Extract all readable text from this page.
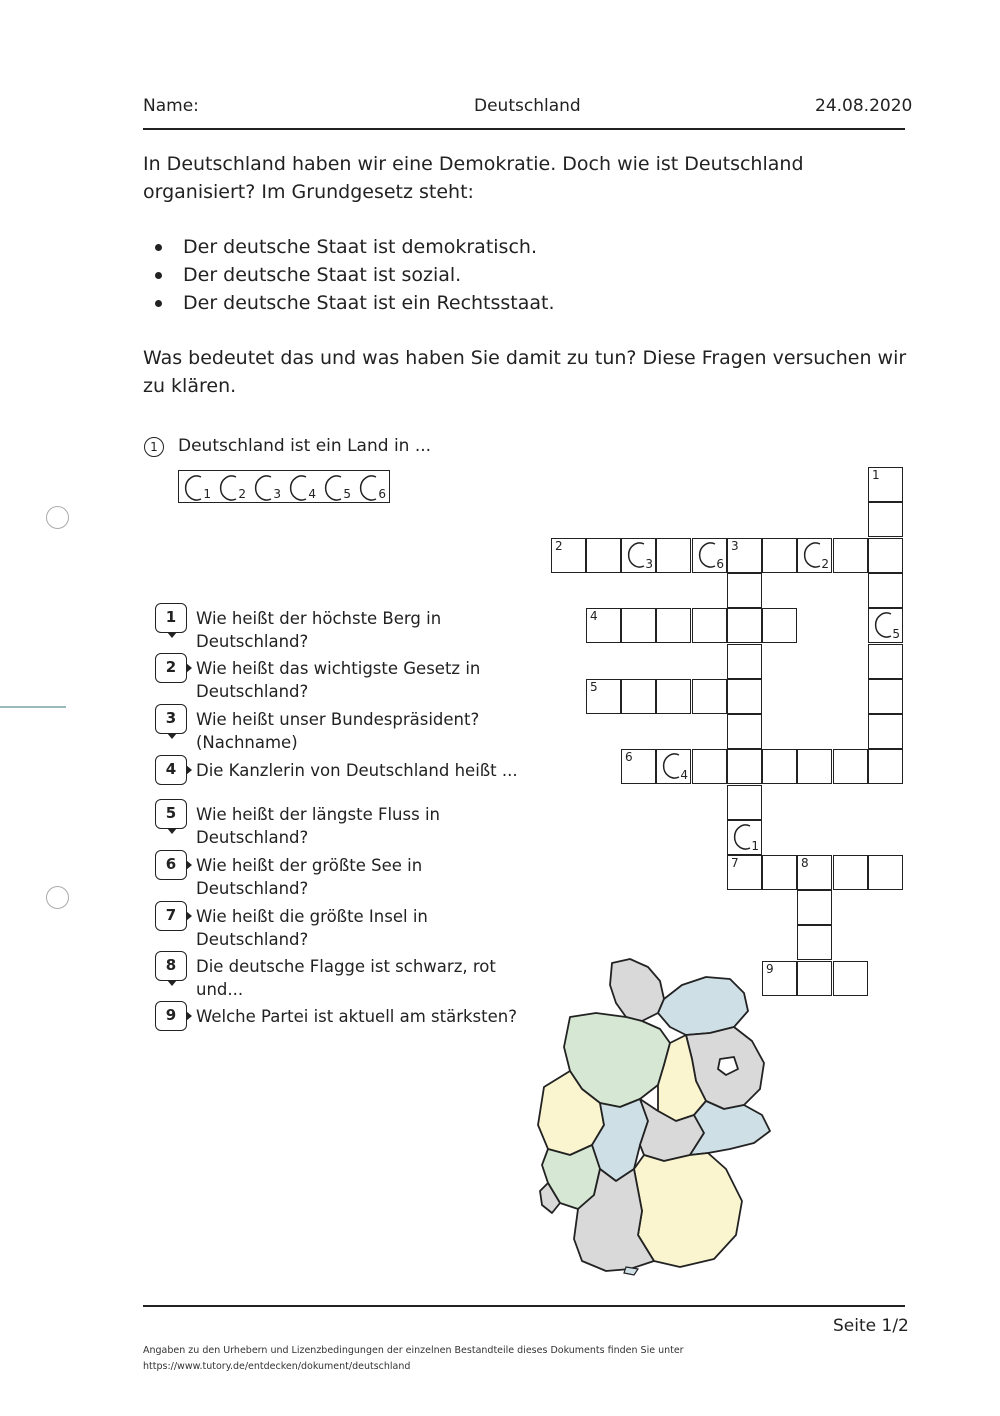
Name:	Deutschland	24.08.2020
In Deutschland haben wir eine Demokratie. Doch wie ist Deutschland organisiert? Im Grundgesetz steht:
Der deutsche Staat ist demokratisch.
Der deutsche Staat ist sozial.
Der deutsche Staat ist ein Rechtsstaat.
Was bedeutet das und was haben Sie damit zu tun? Diese Fragen versuchen wir zu klären.
1	Deutschland ist ein Land in ...
1 2 3 4 5 6
1	Wie heißt der höchste Berg in Deutschland?
2	Wie heißt das wichtigste Gesetz in Deutschland?
3	Wie heißt unser Bundespräsident? (Nachname)
4	Die Kanzlerin von Deutschland heißt ...
5	Wie heißt der längste Fluss in Deutschland?
6	Wie heißt der größte See in Deutschland?
7	Wie heißt die größte Insel in Deutschland?
8	Die deutsche Flagge ist schwarz, rot und...
9	Welche Partei ist aktuell am stärksten?
1
5
2
3	6
3
2
1
4
5
6
4
7	8
9
Seite 1/2
Angaben zu den Urhebern und Lizenzbedingungen der einzelnen Bestandteile dieses Dokuments finden Sie unter
https://www.tutory.de/entdecken/dokument/deutschland
